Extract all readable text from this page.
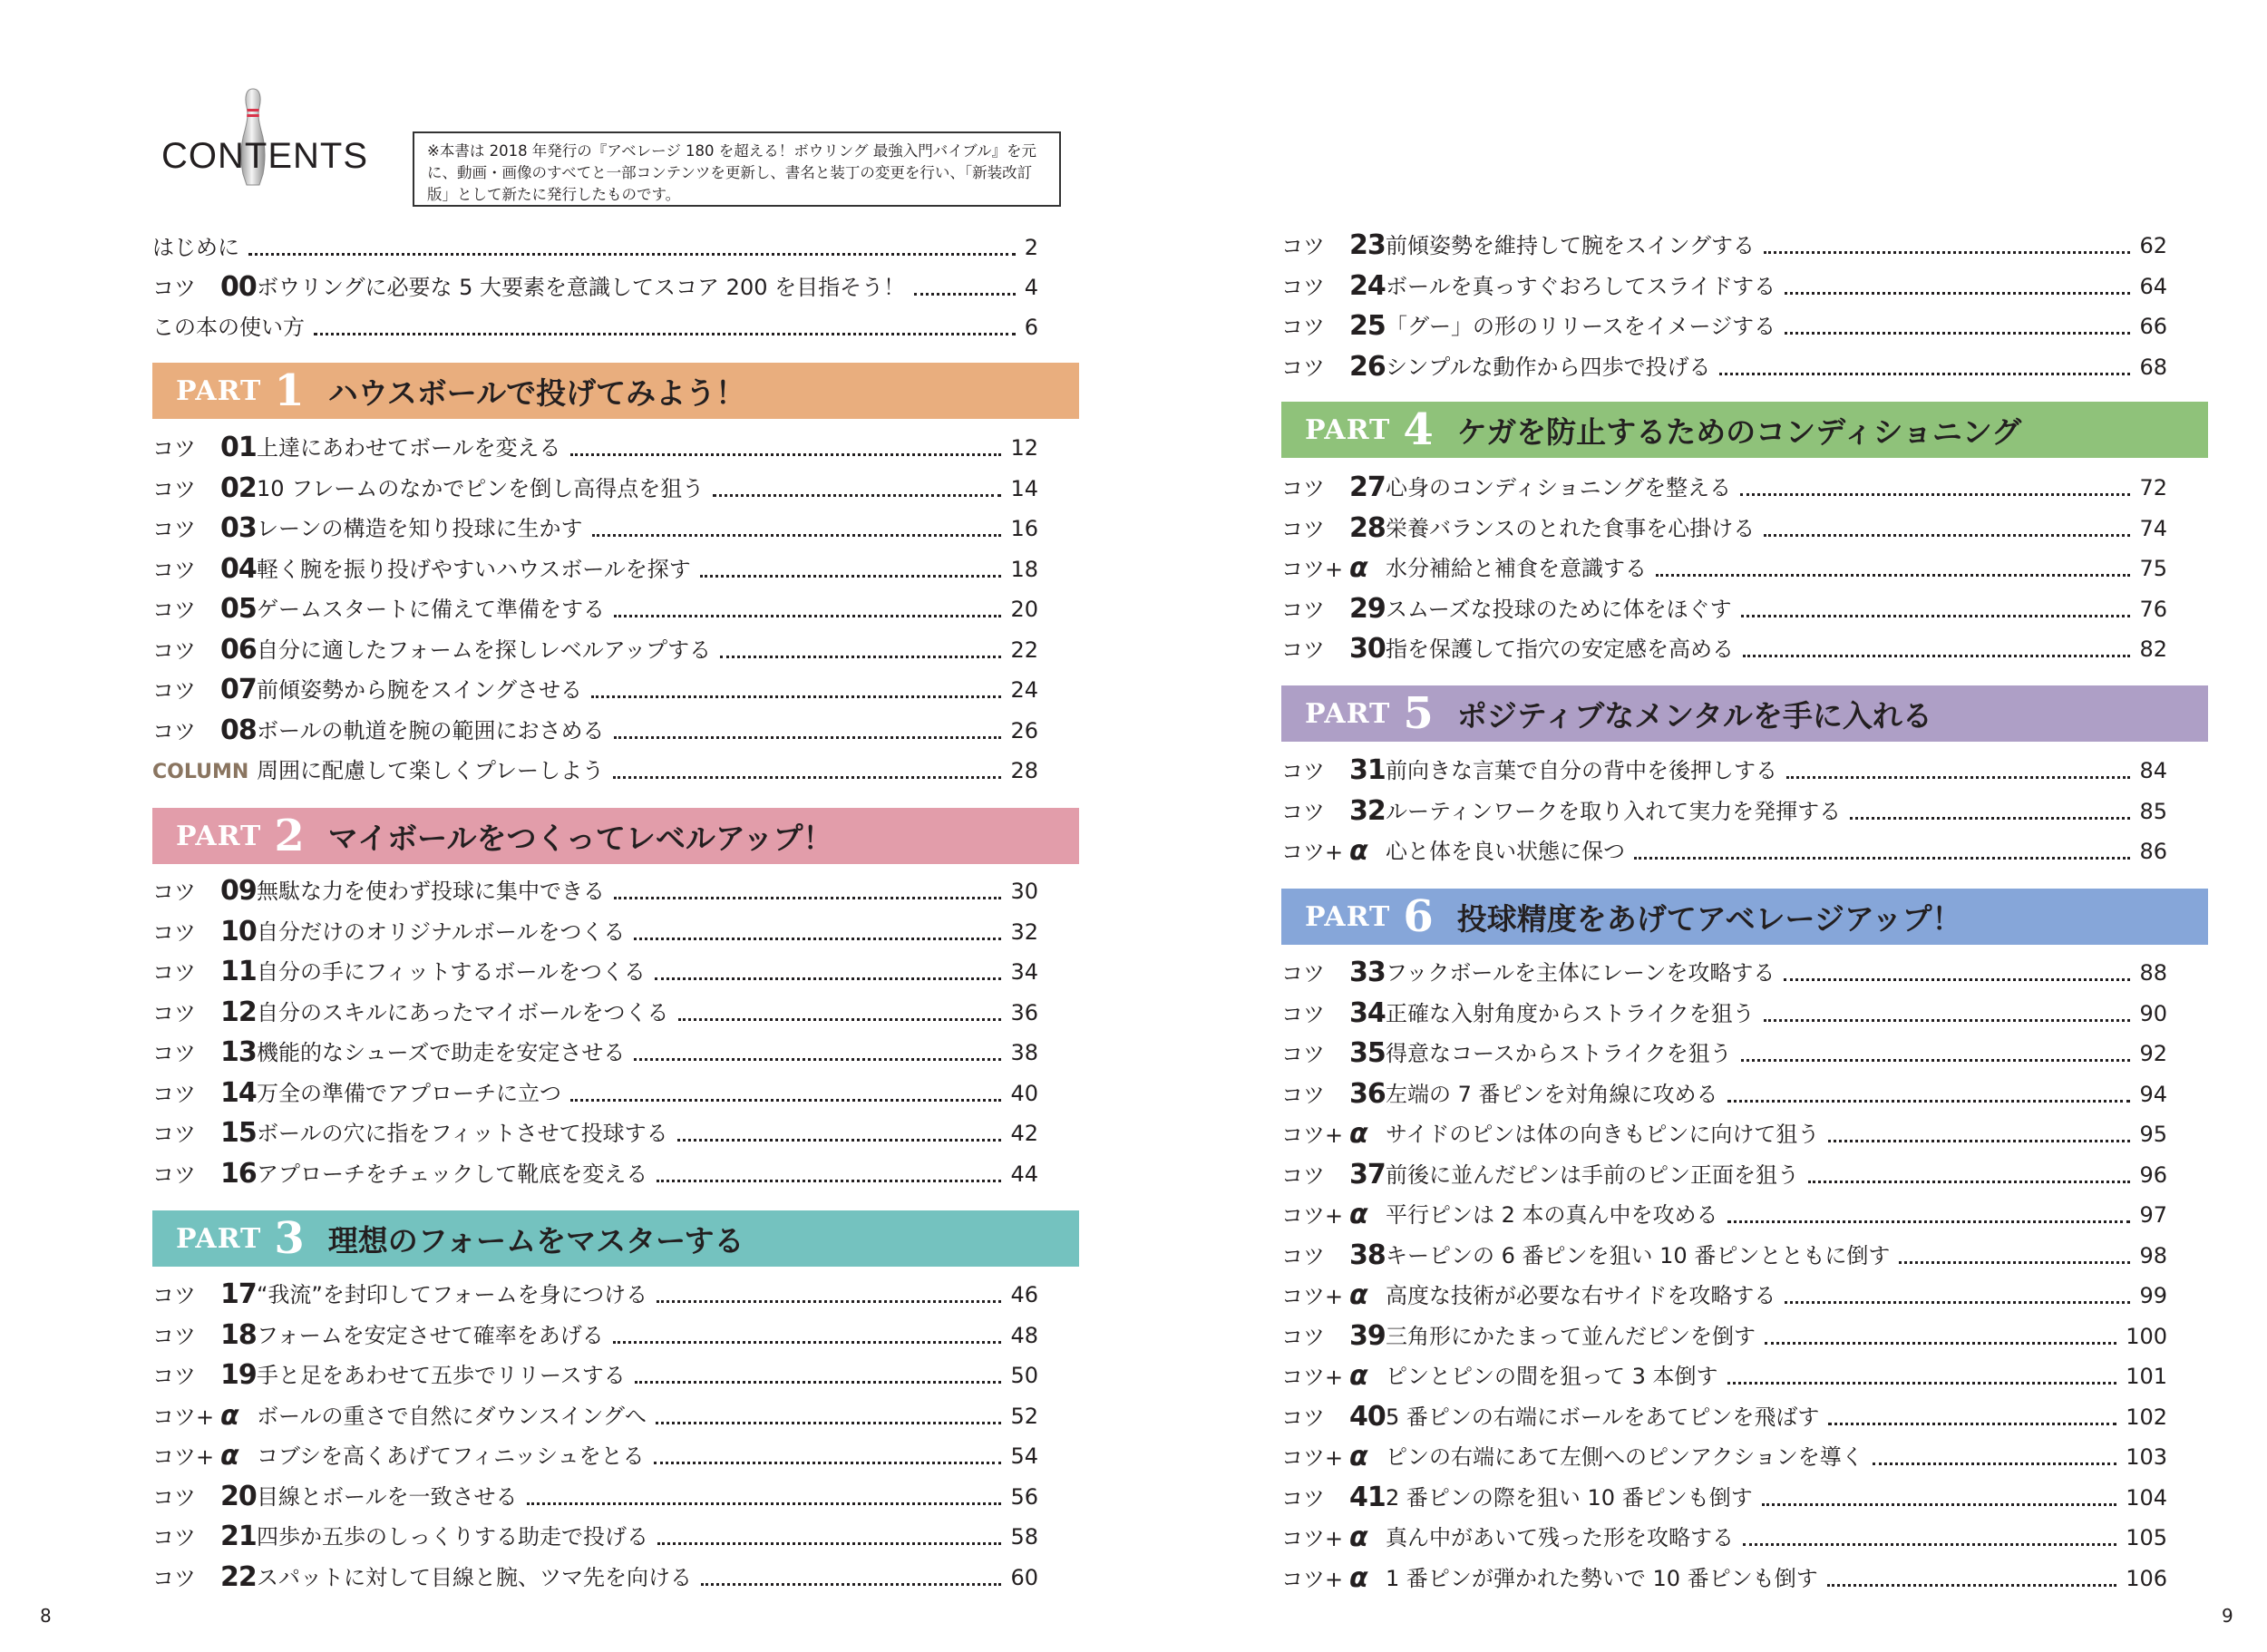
CONTENTS	※本書は 2018 年発行の『アベレージ 180 を超える！ボウリング 最強入門バイブル』を元に、動画・画像のすべてと一部コンテンツを更新し、書名と装丁の変更を行い、「新装改訂版」として新たに発行したものです。
はじめに	2
コツ 00 ボウリングに必要な 5 大要素を意識してスコア 200 を目指そう！	4
この本の使い方	6
PART 1 ハウスボールで投げてみよう！
コツ 01 上達にあわせてボールを変える	12
コツ 02 10 フレームのなかでピンを倒し高得点を狙う	14
コツ 03 レーンの構造を知り投球に生かす	16
コツ 04 軽く腕を振り投げやすいハウスボールを探す	18
コツ 05 ゲームスタートに備えて準備をする	20
コツ 06 自分に適したフォームを探しレベルアップする	22
コツ 07 前傾姿勢から腕をスイングさせる	24
コツ 08 ボールの軌道を腕の範囲におさめる	26
COLUMN 周囲に配慮して楽しくプレーしよう	28
PART 2 マイボールをつくってレベルアップ！
コツ 09 無駄な力を使わず投球に集中できる	30
コツ 10 自分だけのオリジナルボールをつくる	32
コツ 11 自分の手にフィットするボールをつくる	34
コツ 12 自分のスキルにあったマイボールをつくる	36
コツ 13 機能的なシューズで助走を安定させる	38
コツ 14 万全の準備でアプローチに立つ	40
コツ 15 ボールの穴に指をフィットさせて投球する	42
コツ 16 アプローチをチェックして靴底を変える	44
PART 3 理想のフォームをマスターする
コツ 17 “我流”を封印してフォームを身につける	46
コツ 18 フォームを安定させて確率をあげる	48
コツ 19 手と足をあわせて五歩でリリースする	50
コツ+ α ボールの重さで自然にダウンスイングへ	52
コツ+ α コブシを高くあげてフィニッシュをとる	54
コツ 20 目線とボールを一致させる	56
コツ 21 四歩か五歩のしっくりする助走で投げる	58
コツ 22 スパットに対して目線と腕、ツマ先を向ける	60
コツ 23 前傾姿勢を維持して腕をスイングする	62
コツ 24 ボールを真っすぐおろしてスライドする	64
コツ 25 「グー」の形のリリースをイメージする	66
コツ 26 シンプルな動作から四歩で投げる	68
PART 4 ケガを防止するためのコンディショニング
コツ 27 心身のコンディショニングを整える	72
コツ 28 栄養バランスのとれた食事を心掛ける	74
コツ+ α 水分補給と補食を意識する	75
コツ 29 スムーズな投球のために体をほぐす	76
コツ 30 指を保護して指穴の安定感を高める	82
PART 5 ポジティブなメンタルを手に入れる
コツ 31 前向きな言葉で自分の背中を後押しする	84
コツ 32 ルーティンワークを取り入れて実力を発揮する	85
コツ+ α 心と体を良い状態に保つ	86
PART 6 投球精度をあげてアベレージアップ！
コツ 33 フックボールを主体にレーンを攻略する	88
コツ 34 正確な入射角度からストライクを狙う	90
コツ 35 得意なコースからストライクを狙う	92
コツ 36 左端の 7 番ピンを対角線に攻める	94
コツ+ α サイドのピンは体の向きもピンに向けて狙う	95
コツ 37 前後に並んだピンは手前のピン正面を狙う	96
コツ+ α 平行ピンは 2 本の真ん中を攻める	97
コツ 38 キーピンの 6 番ピンを狙い 10 番ピンとともに倒す	98
コツ+ α 高度な技術が必要な右サイドを攻略する	99
コツ 39 三角形にかたまって並んだピンを倒す	100
コツ+ α ピンとピンの間を狙って 3 本倒す	101
コツ 40 5 番ピンの右端にボールをあてピンを飛ばす	102
コツ+ α ピンの右端にあて左側へのピンアクションを導く	103
コツ 41 2 番ピンの際を狙い 10 番ピンも倒す	104
コツ+ α 真ん中があいて残った形を攻略する	105
コツ+ α 1 番ピンが弾かれた勢いで 10 番ピンも倒す	106
8	9
